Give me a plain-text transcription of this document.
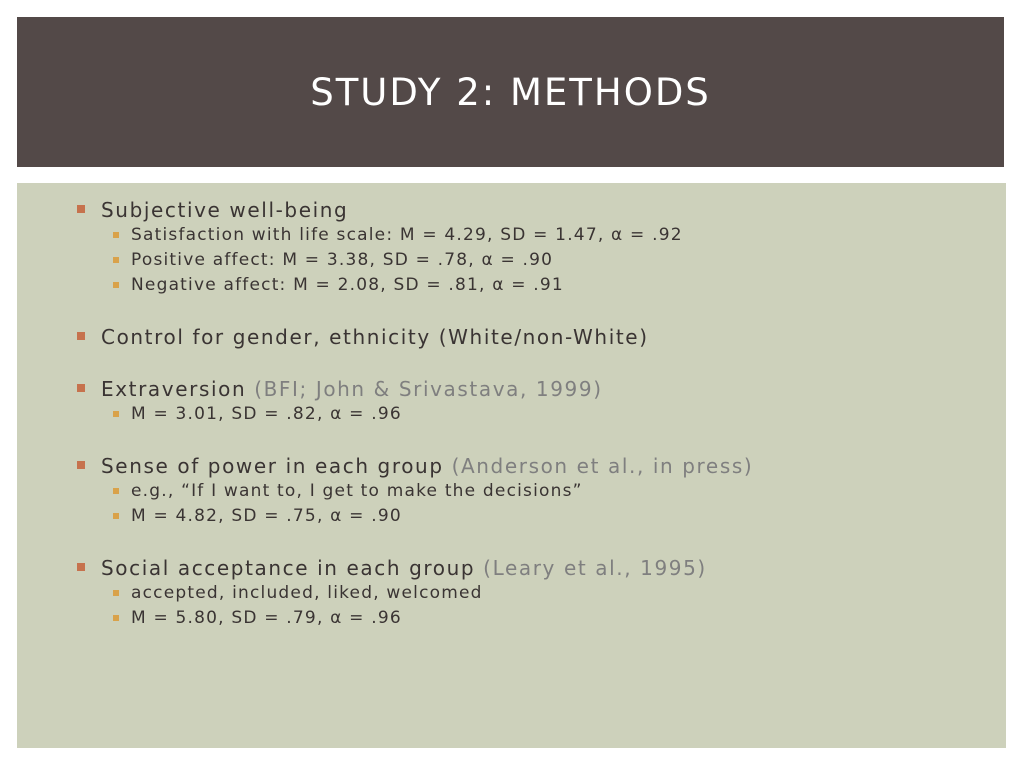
STUDY 2: METHODS
Subjective well-being
Satisfaction with life scale: M = 4.29, SD = 1.47, α = .92
Positive affect: M = 3.38, SD = .78, α = .90
Negative affect: M = 2.08, SD = .81, α = .91
Control for gender, ethnicity (White/non-White)
Extraversion (BFI; John & Srivastava, 1999)
M = 3.01, SD = .82, α = .96
Sense of power in each group (Anderson et al., in press)
e.g., “If I want to, I get to make the decisions”
M = 4.82, SD = .75, α = .90
Social acceptance in each group (Leary et al., 1995)
accepted, included, liked, welcomed
M = 5.80, SD = .79, α = .96
